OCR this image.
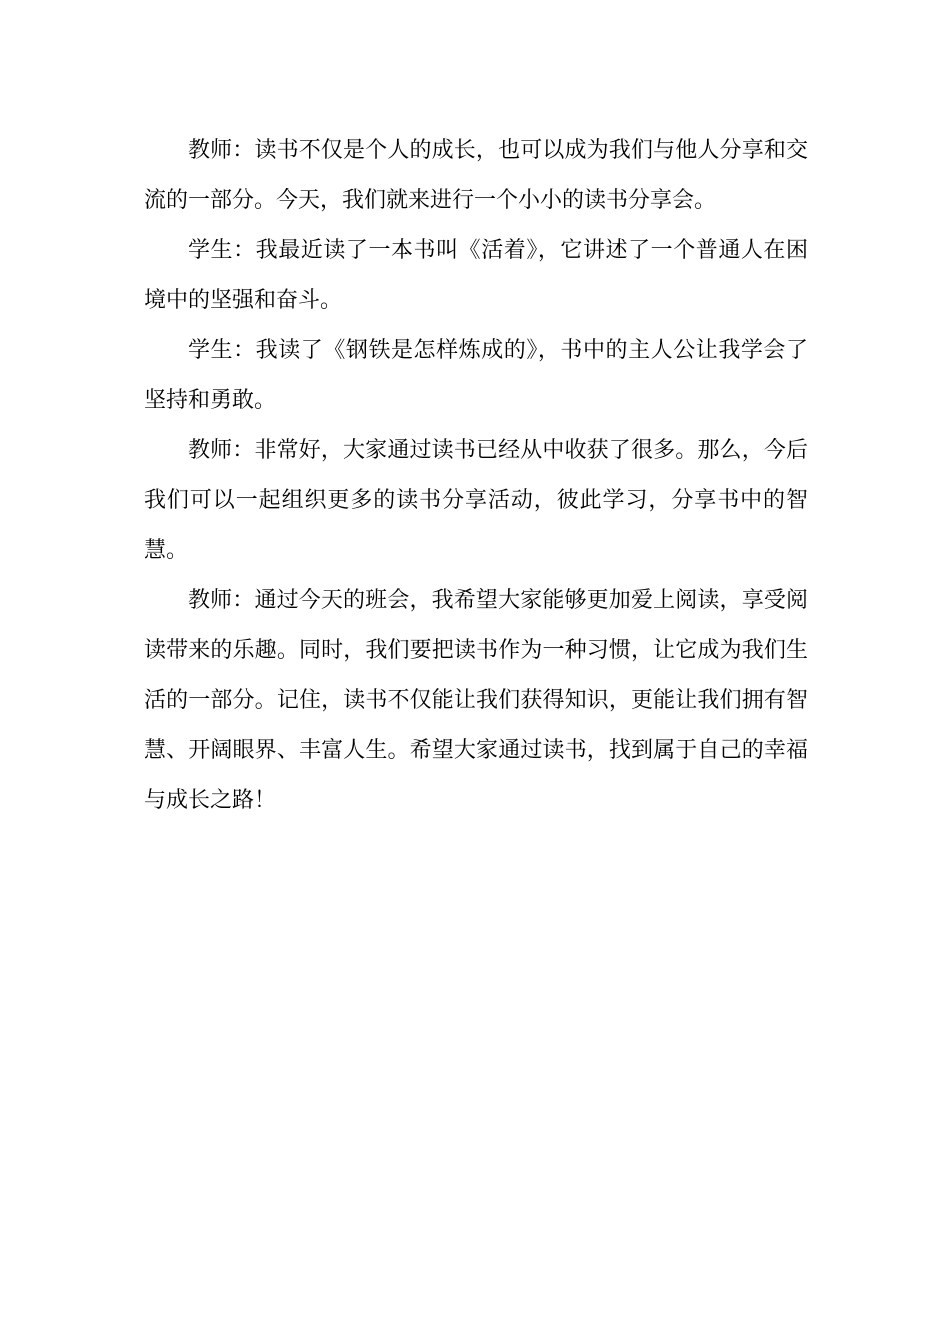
教师：读书不仅是个人的成长，也可以成为我们与他人分享和交流的一部分。今天，我们就来进行一个小小的读书分享会。

学生：我最近读了一本书叫《活着》，它讲述了一个普通人在困境中的坚强和奋斗。

学生：我读了《钢铁是怎样炼成的》，书中的主人公让我学会了坚持和勇敢。

教师：非常好，大家通过读书已经从中收获了很多。那么，今后我们可以一起组织更多的读书分享活动，彼此学习，分享书中的智慧。

教师：通过今天的班会，我希望大家能够更加爱上阅读，享受阅读带来的乐趣。同时，我们要把读书作为一种习惯，让它成为我们生活的一部分。记住，读书不仅能让我们获得知识，更能让我们拥有智慧、开阔眼界、丰富人生。希望大家通过读书，找到属于自己的幸福与成长之路！
